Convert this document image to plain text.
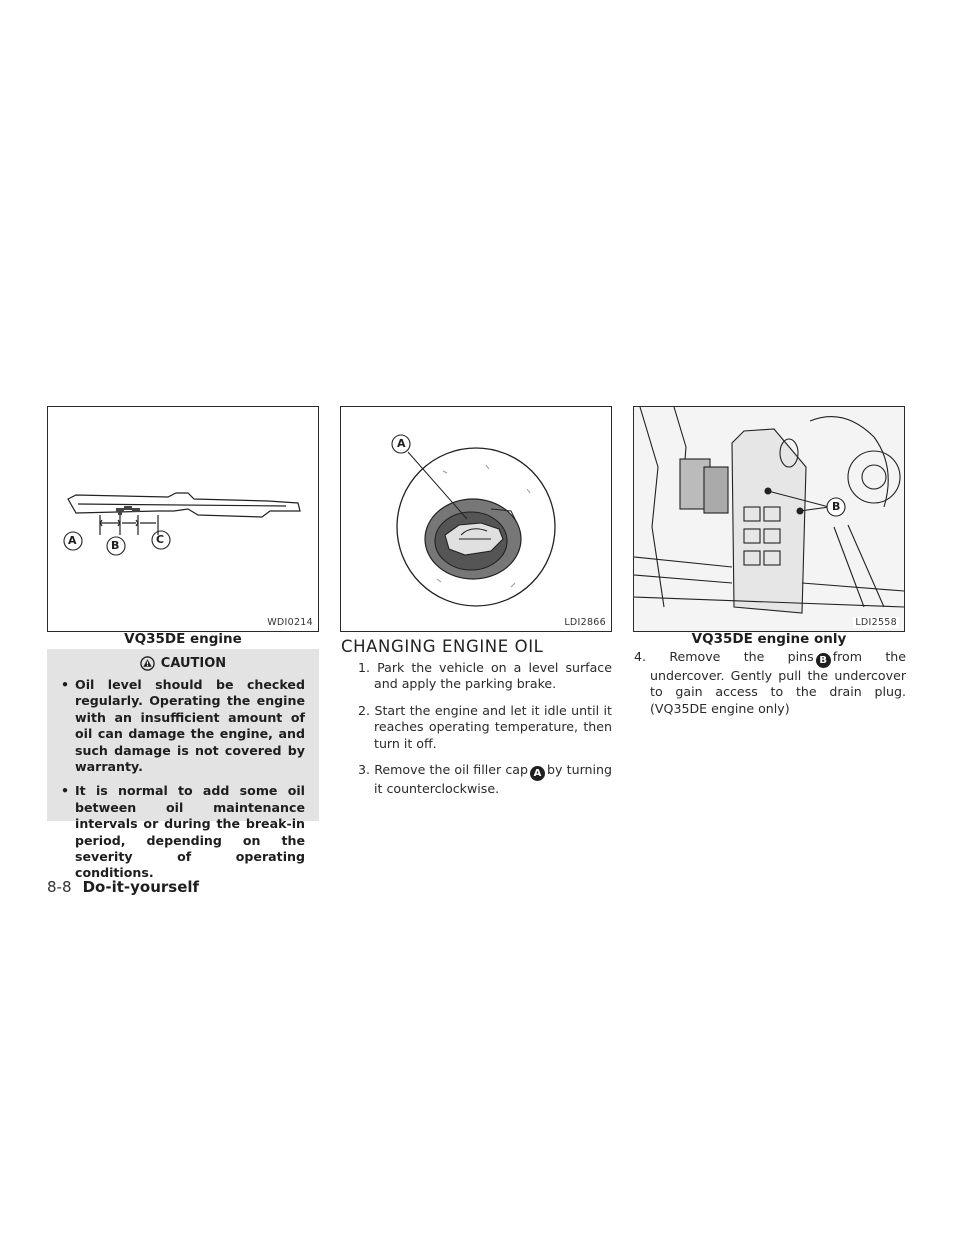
A	B	C
WDI0214
VQ35DE engine
CAUTION
• Oil level should be checked regularly. Operating the engine with an insufficient amount of oil can damage the engine, and such damage is not covered by warranty.
• It is normal to add some oil between oil maintenance intervals or during the break-in period, depending on the severity of operating conditions.
A
LDI2866
CHANGING ENGINE OIL
1. Park the vehicle on a level surface and apply the parking brake.
2. Start the engine and let it idle until it reaches operating temperature, then turn it off.
3. Remove the oil filler cap A by turning it counterclockwise.
B
LDI2558
VQ35DE engine only
4. Remove the pins B from the undercover. Gently pull the undercover to gain access to the drain plug. (VQ35DE engine only)
8-8 Do-it-yourself
